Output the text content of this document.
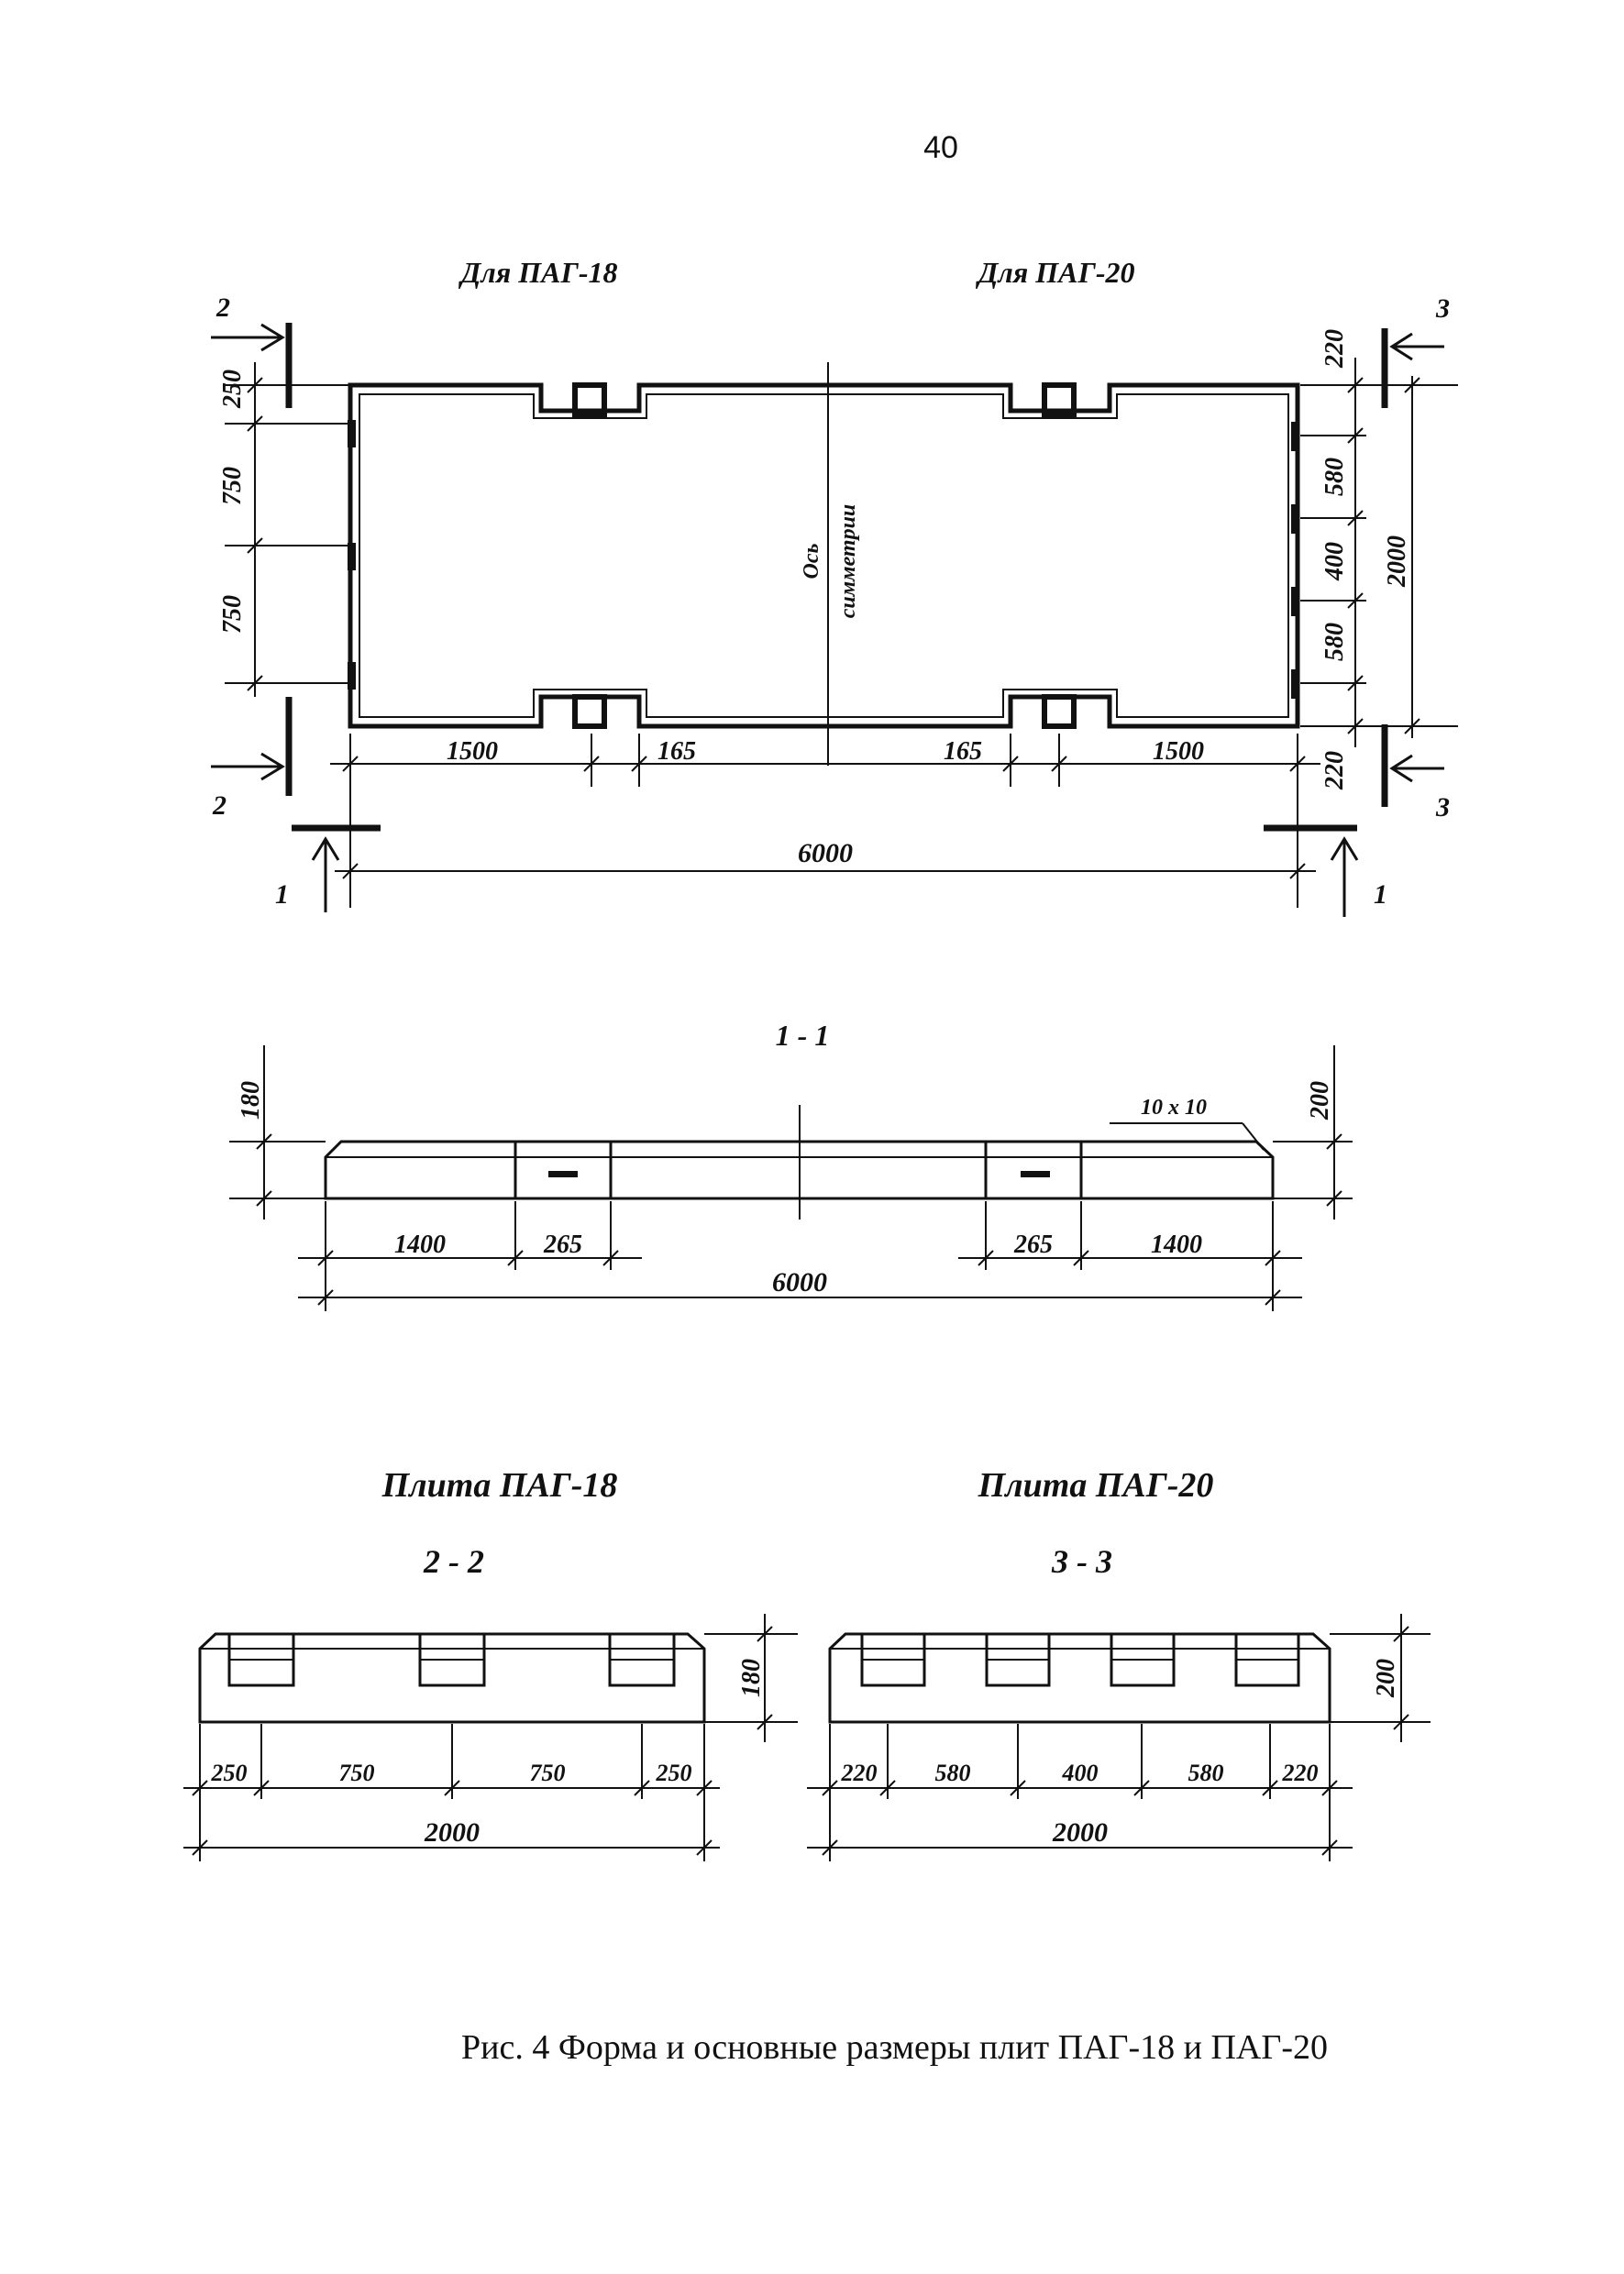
40
Для ПАГ-18	Для ПАГ-20
Ось симметрии
2
2
3
3
1	1
250
750
750
220
580
400
580
220
2000
1500	165	165	1500
6000
1 - 1
180	200
10 x 10
1400	265	265	1400
6000
Плита ПАГ-18
2 - 2
180
250	750	750	250
2000
Плита ПАГ-20
3 - 3
200
220 580	400	580 220
2000
Рис. 4 Форма и основные размеры плит ПАГ-18 и ПАГ-20
